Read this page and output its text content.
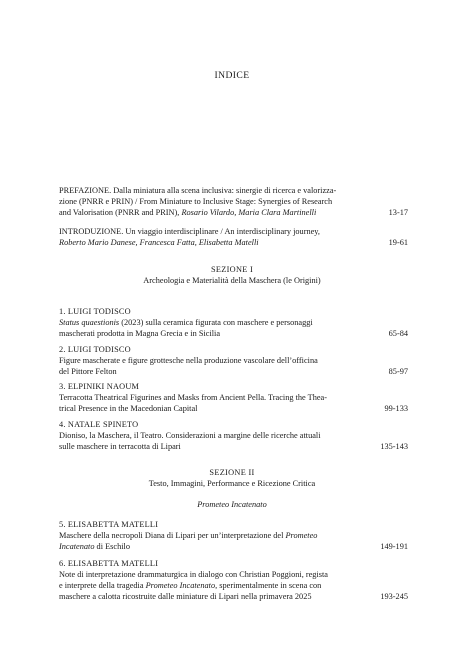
INDICE
PREFAZIONE. Dalla miniatura alla scena inclusiva: sinergie di ricerca e valorizza-
zione (PNRR e PRIN) / From Miniature to Inclusive Stage: Synergies of Research
and Valorisation (PNRR and PRIN), Rosario Vilardo, Maria Clara Martinelli	13-17
INTRODUZIONE. Un viaggio interdisciplinare / An interdisciplinary journey,
Roberto Mario Danese, Francesca Fatta, Elisabetta Matelli	19-61
SEZIONE I
Archeologia e Materialità della Maschera (le Origini)
1. LUIGI TODISCO
Status quaestionis (2023) sulla ceramica figurata con maschere e personaggi
mascherati prodotta in Magna Grecia e in Sicilia	65-84
2. LUIGI TODISCO
Figure mascherate e figure grottesche nella produzione vascolare dell’officina
del Pittore Felton	85-97
3. ELPINIKI NAOUM
Terracotta Theatrical Figurines and Masks from Ancient Pella. Tracing the Thea-
trical Presence in the Macedonian Capital	99-133
4. NATALE SPINETO
Dioniso, la Maschera, il Teatro. Considerazioni a margine delle ricerche attuali
sulle maschere in terracotta di Lipari	135-143
SEZIONE II
Testo, Immagini, Performance e Ricezione Critica
Prometeo Incatenato
5. ELISABETTA MATELLI
Maschere della necropoli Diana di Lipari per un’interpretazione del Prometeo
Incatenato di Eschilo	149-191
6. ELISABETTA MATELLI
Note di interpretazione drammaturgica in dialogo con Christian Poggioni, regista
e interprete della tragedia Prometeo Incatenato, sperimentalmente in scena con
maschere a calotta ricostruite dalle miniature di Lipari nella primavera 2025	193-245
